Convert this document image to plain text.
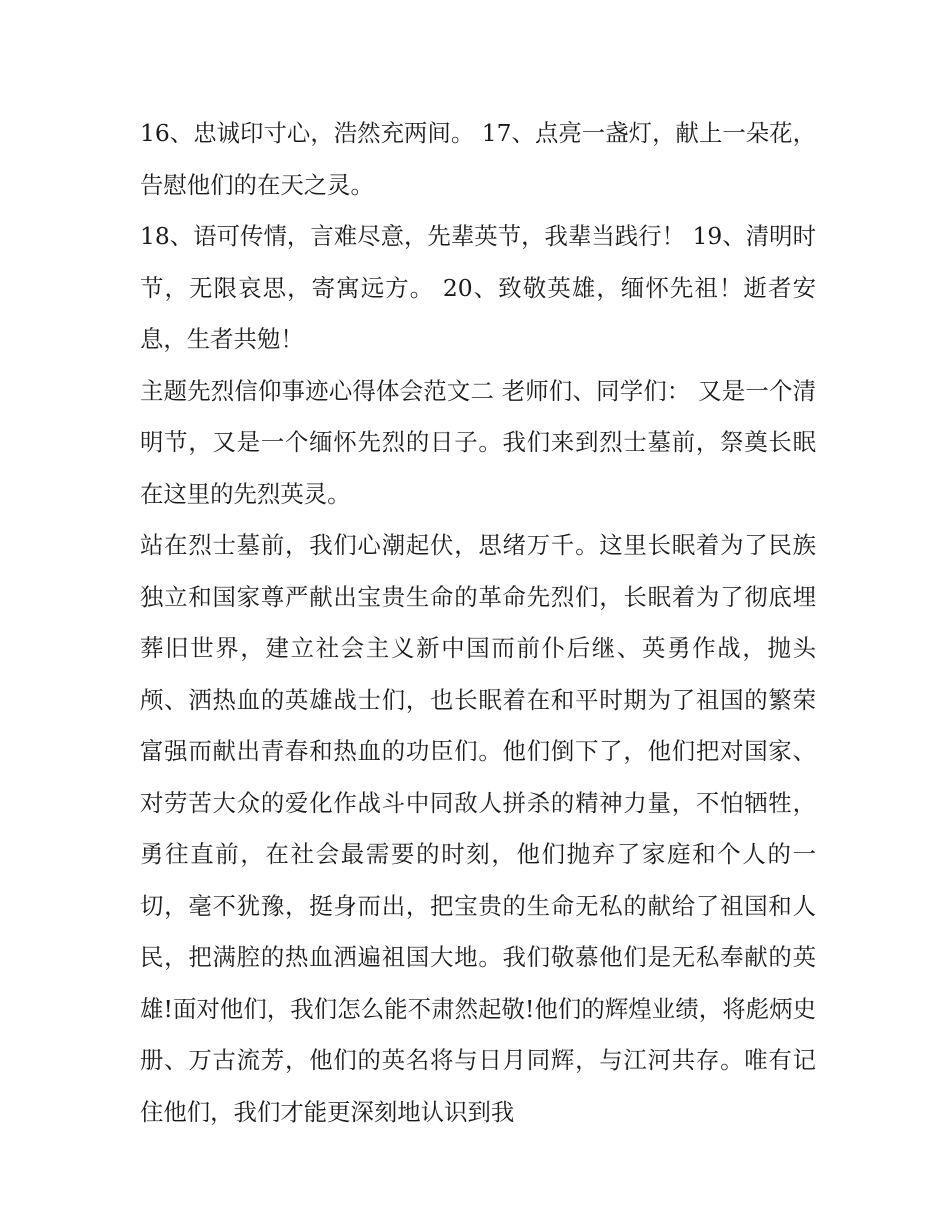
16、忠诚印寸心，浩然充两间。 17、点亮一盏灯，献上一朵花，告慰他们的在天之灵。

18、语可传情，言难尽意，先辈英节，我辈当践行！ 19、清明时节，无限哀思，寄寓远方。 20、致敬英雄，缅怀先祖！逝者安息，生者共勉！

主题先烈信仰事迹心得体会范文二 老师们、同学们： 又是一个清明节，又是一个缅怀先烈的日子。我们来到烈士墓前，祭奠长眠在这里的先烈英灵。

站在烈士墓前，我们心潮起伏，思绪万千。这里长眠着为了民族独立和国家尊严献出宝贵生命的革命先烈们，长眠着为了彻底埋葬旧世界，建立社会主义新中国而前仆后继、英勇作战，抛头颅、洒热血的英雄战士们，也长眠着在和平时期为了祖国的繁荣富强而献出青春和热血的功臣们。他们倒下了，他们把对国家、对劳苦大众的爱化作战斗中同敌人拼杀的精神力量，不怕牺牲，勇往直前，在社会最需要的时刻，他们抛弃了家庭和个人的一切，毫不犹豫，挺身而出，把宝贵的生命无私的献给了祖国和人民，把满腔的热血洒遍祖国大地。我们敬慕他们是无私奉献的英雄!面对他们，我们怎么能不肃然起敬!他们的辉煌业绩，将彪炳史册、万古流芳，他们的英名将与日月同辉，与江河共存。唯有记住他们，我们才能更深刻地认识到我
